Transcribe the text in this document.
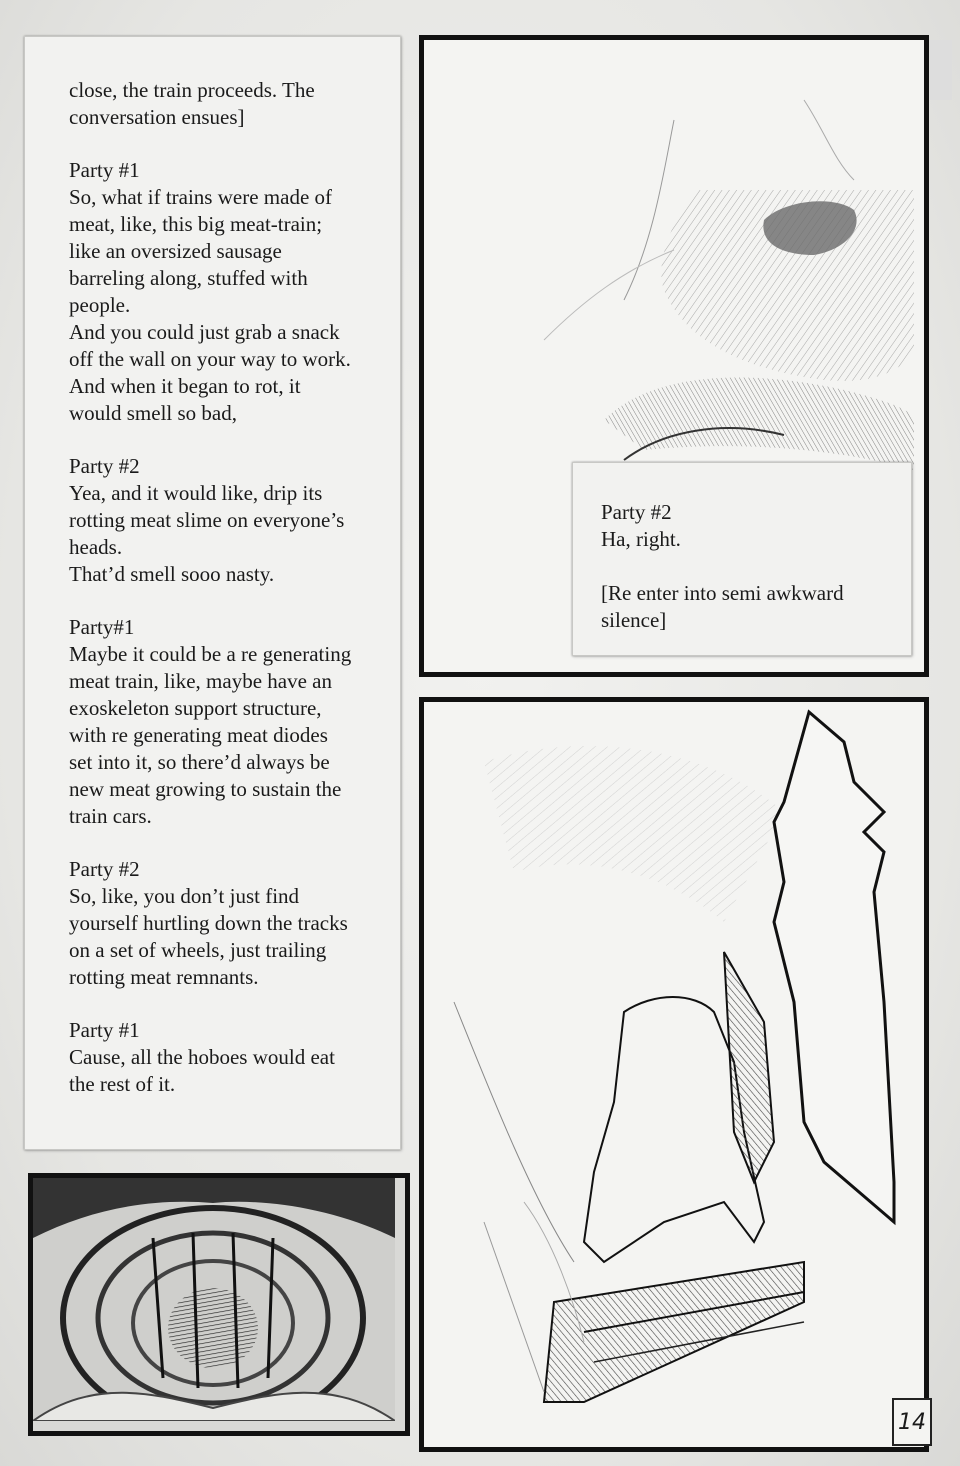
close, the train proceeds. The
conversation ensues]
Party #1
So, what if trains were made of
meat, like, this big meat-train;
like an oversized sausage
barreling along, stuffed with
people.
And you could just grab a snack
off the wall on your way to work.
And when it began to rot, it
would smell so bad,
Party #2
Yea, and it would like, drip its
rotting meat slime on everyone’s
heads.
That’d smell sooo nasty.
Party#1
Maybe it could be a re generating
meat train, like, maybe have an
exoskeleton support structure,
with re generating meat diodes
set into it, so there’d always be
new meat growing to sustain the
train cars.
Party #2
So, like, you don’t just find
yourself hurtling down the tracks
on a set of wheels, just trailing
rotting meat remnants.
Party #1
Cause, all the hoboes would eat
the rest of it.
Party #2
Ha, right.
[Re enter into semi awkward
silence]
14
